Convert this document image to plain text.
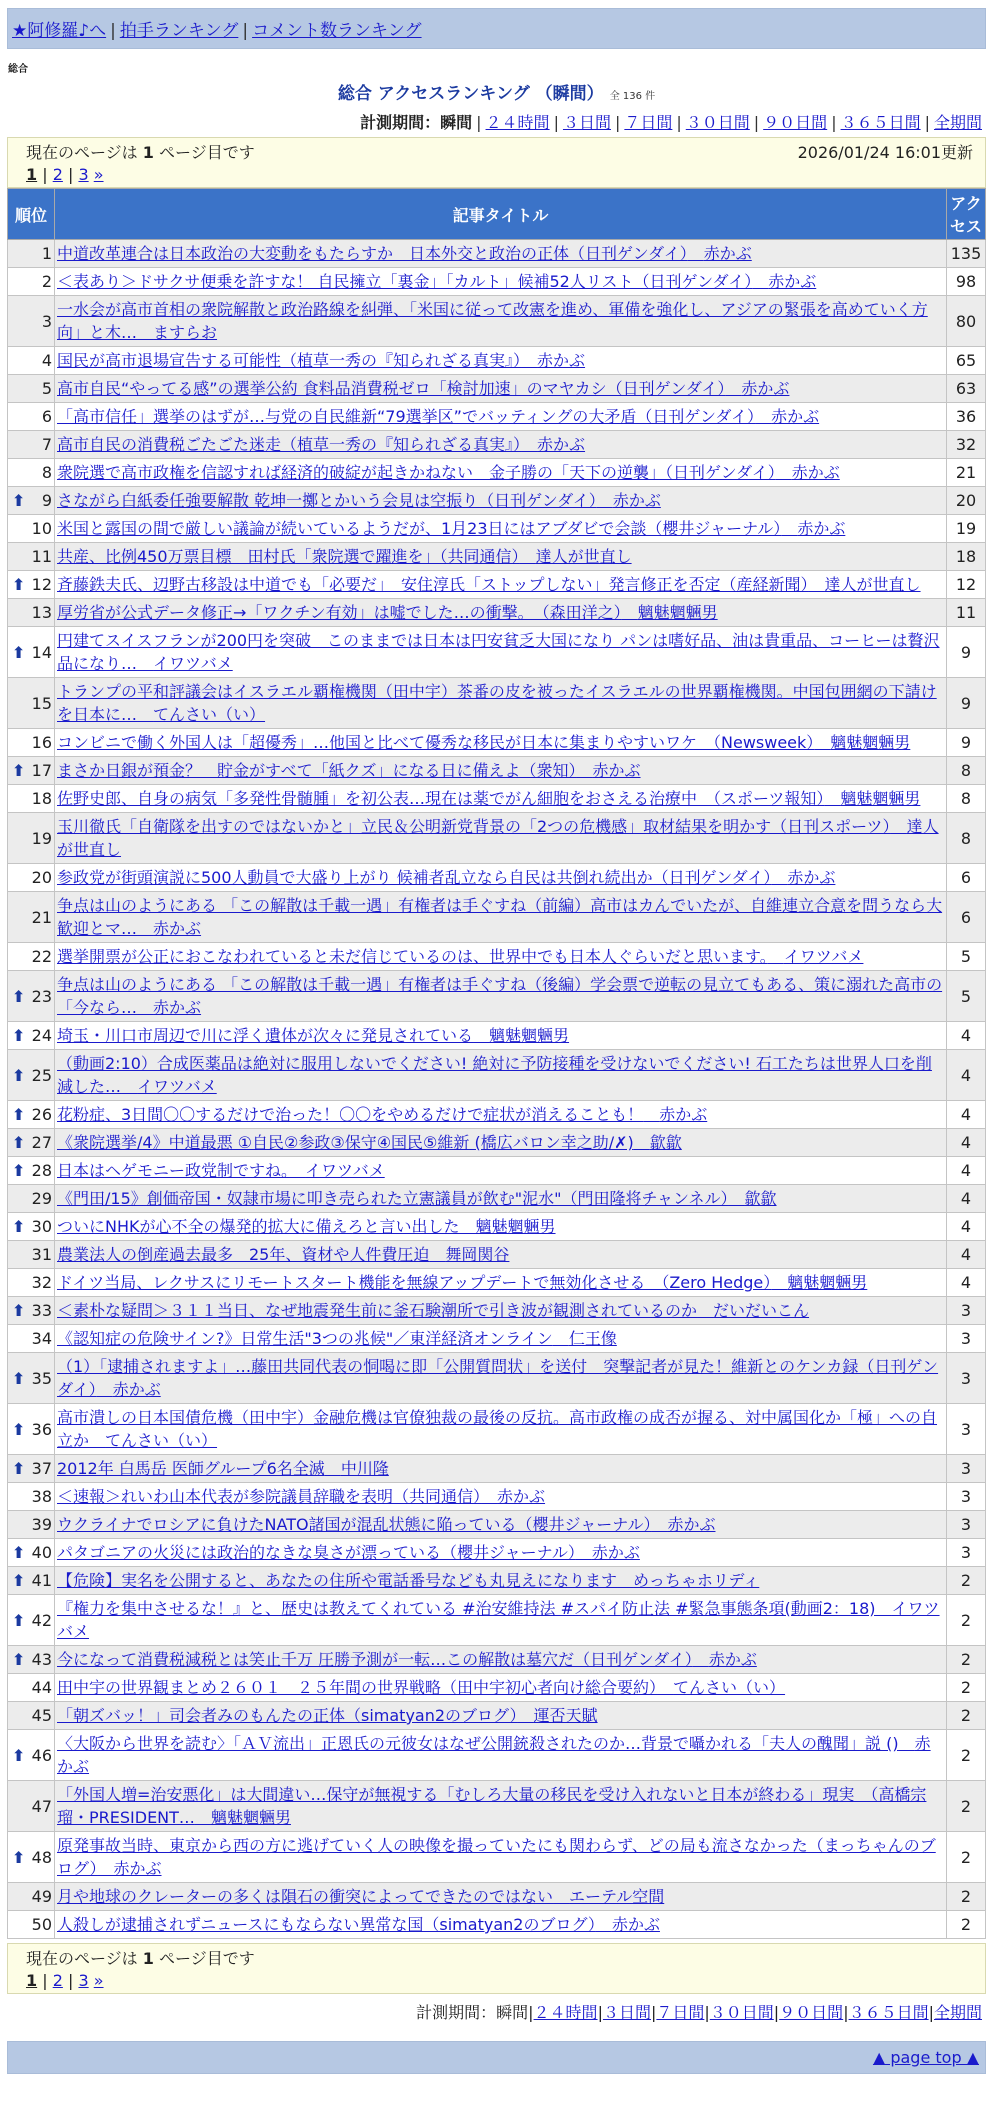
★阿修羅♪へ | 拍手ランキング | コメント数ランキング
総合
総合 アクセスランキング （瞬間） 全 136 件
計測期間：瞬間 | ２４時間 | ３日間 | ７日間 | ３０日間 | ９０日間 | ３６５日間 | 全期間
現在のページは 1 ページ目です	2026/01/24 16:01更新
1 | 2 | 3 »
順位	記事タイトル	アクセス
1	中道改革連合は日本政治の大変動をもたらすか　日本外交と政治の正体（日刊ゲンダイ）　 赤かぶ	135
2	＜表あり＞ドサクサ便乗を許すな！ 自民擁立「裏金」「カルト」候補52人リスト（日刊ゲンダイ）　 赤かぶ	98
3	一水会が高市首相の衆院解散と政治路線を糾弾、「米国に従って改憲を進め、軍備を強化し、アジアの緊張を高めていく方向」と木…　 ますらお	80
4	国民が高市退場宣告する可能性（植草一秀の『知られざる真実』）　 赤かぶ	65
5	高市自民“やってる感”の選挙公約 食料品消費税ゼロ「検討加速」のマヤカシ（日刊ゲンダイ）　 赤かぶ	63
6	「高市信任」選挙のはずが…与党の自民維新“79選挙区”でバッティングの大矛盾（日刊ゲンダイ）　 赤かぶ	36
7	高市自民の消費税ごたごた迷走（植草一秀の『知られざる真実』）　 赤かぶ	32
8	衆院選で高市政権を信認すれば経済的破綻が起きかねない　金子勝の「天下の逆襲」（日刊ゲンダイ）　 赤かぶ	21

⬆ 9	さながら白紙委任強要解散 乾坤一擲とかいう会見は空振り（日刊ゲンダイ）　 赤かぶ	20
10	米国と露国の間で厳しい議論が続いているようだが、1月23日にはアブダビで会談（櫻井ジャーナル）　 赤かぶ	19
11	共産、比例450万票目標　田村氏「衆院選で躍進を」（共同通信）　 達人が世直し	18

⬆ 12	斉藤鉄夫氏、辺野古移設は中道でも「必要だ」　安住淳氏「ストップしない」発言修正を否定（産経新聞）　 達人が世直し	12
13	厚労省が公式データ修正→「ワクチン有効」は嘘でした…の衝撃。　（森田洋之）　 魑魅魍魎男	11

⬆ 14	円建てスイスフランが200円を突破　このままでは日本は円安貧乏大国になり パンは嗜好品、油は貴重品、コーヒーは贅沢品になり…　 イワツバメ	9
15	トランプの平和評議会はイスラエル覇権機関（田中宇）茶番の皮を被ったイスラエルの世界覇権機関。中国包囲網の下請けを日本に…　 てんさい（い）	9
16	コンビニで働く外国人は「超優秀」…他国と比べて優秀な移民が日本に集まりやすいワケ　（Newsweek）　 魑魅魍魎男	9

⬆ 17	まさか日銀が預金？　貯金がすべて「紙クズ」になる日に備えよ（衆知）　 赤かぶ	8
18	佐野史郎、自身の病気「多発性骨髄腫」を初公表…現在は薬でがん細胞をおさえる治療中　（スポーツ報知）　 魑魅魍魎男	8
19	玉川徹氏「自衛隊を出すのではないかと」立民＆公明新党背景の「2つの危機感」取材結果を明かす（日刊スポーツ）　 達人が世直し	8
20	参政党が街頭演説に500人動員で大盛り上がり 候補者乱立なら自民は共倒れ続出か（日刊ゲンダイ）　 赤かぶ	6
21	争点は山のようにある 「この解散は千載一遇」有権者は手ぐすね（前編）高市はカんでいたが、自維連立合意を問うなら大歓迎とマ…　 赤かぶ	6
22	選挙開票が公正におこなわれていると未だ信じているのは、世界中でも日本人ぐらいだと思います。　 イワツバメ	5

⬆ 23	争点は山のようにある 「この解散は千載一遇」有権者は手ぐすね（後編）学会票で逆転の見立てもある、策に溺れた高市の「今なら…　 赤かぶ	5

⬆ 24	埼玉・川口市周辺で川に浮く遺体が次々に発見されている　 魑魅魍魎男	4

⬆ 25	（動画2:10）合成医薬品は絶対に服用しないでください! 絶対に予防接種を受けないでください! 石工たちは世界人口を削減した…　 イワツバメ	4

⬆ 26	花粉症、3日間〇〇するだけで治った！〇〇をやめるだけで症状が消えることも！　 赤かぶ	4

⬆ 27	《衆院選挙/4》中道最悪 ①自民②参政③保守④国民⑤維新 (橋広バロン幸之助/✗)　 歙歙	4

⬆ 28	日本はヘゲモニー政党制ですね。　 イワツバメ	4
29	《門田/15》創価帝国・奴隷市場に叩き売られた立憲議員が飲む"泥水"（門田隆将チャンネル）　 歙歙	4

⬆ 30	ついにNHKが心不全の爆発的拡大に備えろと言い出した　 魑魅魍魎男	4
31	農業法人の倒産過去最多　25年、資材や人件費圧迫　 舞岡関谷	4
32	ドイツ当局、レクサスにリモートスタート機能を無線アップデートで無効化させる　（Zero Hedge）　 魑魅魍魎男	4

⬆ 33	＜素朴な疑問＞３１１当日、なぜ地震発生前に釜石験潮所で引き波が観測されているのか　 だいだいこん	3
34	《認知症の危険サイン?》日常生活"3つの兆候"／東洋経済オンライン　 仁王像	3

⬆ 35	（1）「逮捕されますよ」…藤田共同代表の恫喝に即「公開質問状」を送付　突撃記者が見た！維新とのケンカ録（日刊ゲンダイ）　 赤かぶ	3

⬆ 36	高市潰しの日本国債危機（田中宇）金融危機は官僚独裁の最後の反抗。高市政権の成否が握る、対中属国化か「極」への自立か　 てんさい（い）	3

⬆ 37	2012年 白馬岳 医師グループ6名全滅　 中川隆	3
38	＜速報＞れいわ山本代表が参院議員辞職を表明（共同通信）　 赤かぶ	3
39	ウクライナでロシアに負けたNATO諸国が混乱状態に陥っている（櫻井ジャーナル）　 赤かぶ	3

⬆ 40	パタゴニアの火災には政治的なきな臭さが漂っている（櫻井ジャーナル）　 赤かぶ	3

⬆ 41	【危険】実名を公開すると、あなたの住所や電話番号なども丸見えになります　 めっちゃホリディ	2

⬆ 42	『権力を集中させるな！』と、歴史は教えてくれている #治安維持法 #スパイ防止法 #緊急事態条項(動画2：18)　 イワツバメ	2

⬆ 43	今になって消費税減税とは笑止千万 圧勝予測が一転…この解散は墓穴だ（日刊ゲンダイ）　 赤かぶ	2
44	田中宇の世界観まとめ２６０１　２５年間の世界戦略（田中宇初心者向け総合要約）　 てんさい（い）	2
45	「朝ズバッ！」司会者みのもんたの正体（simatyan2のブログ）　 運否天賦	2

⬆ 46	〈大阪から世界を読む〉「ＡＶ流出」正恩氏の元彼女はなぜ公開銃殺されたのか…背景で囁かれる「夫人の醜聞」説 ()　 赤かぶ	2
47	「外国人増=治安悪化」は大間違い…保守が無視する「むしろ大量の移民を受け入れないと日本が終わる」現実　（高橋宗瑠・PRESIDENT…　 魑魅魍魎男	2

⬆ 48	原発事故当時、東京から西の方に逃げていく人の映像を撮っていたにも関わらず、どの局も流さなかった（まっちゃんのブログ）　 赤かぶ	2
49	月や地球のクレーターの多くは隕石の衝突によってできたのではない　 エーテル空間	2
50	人殺しが逮捕されずニュースにもならない異常な国（simatyan2のブログ）　 赤かぶ	2
現在のページは 1 ページ目です
1 | 2 | 3 »
計測期間：瞬間|２４時間|３日間|７日間|３０日間|９０日間|３６５日間|全期間
▲ page top ▲
